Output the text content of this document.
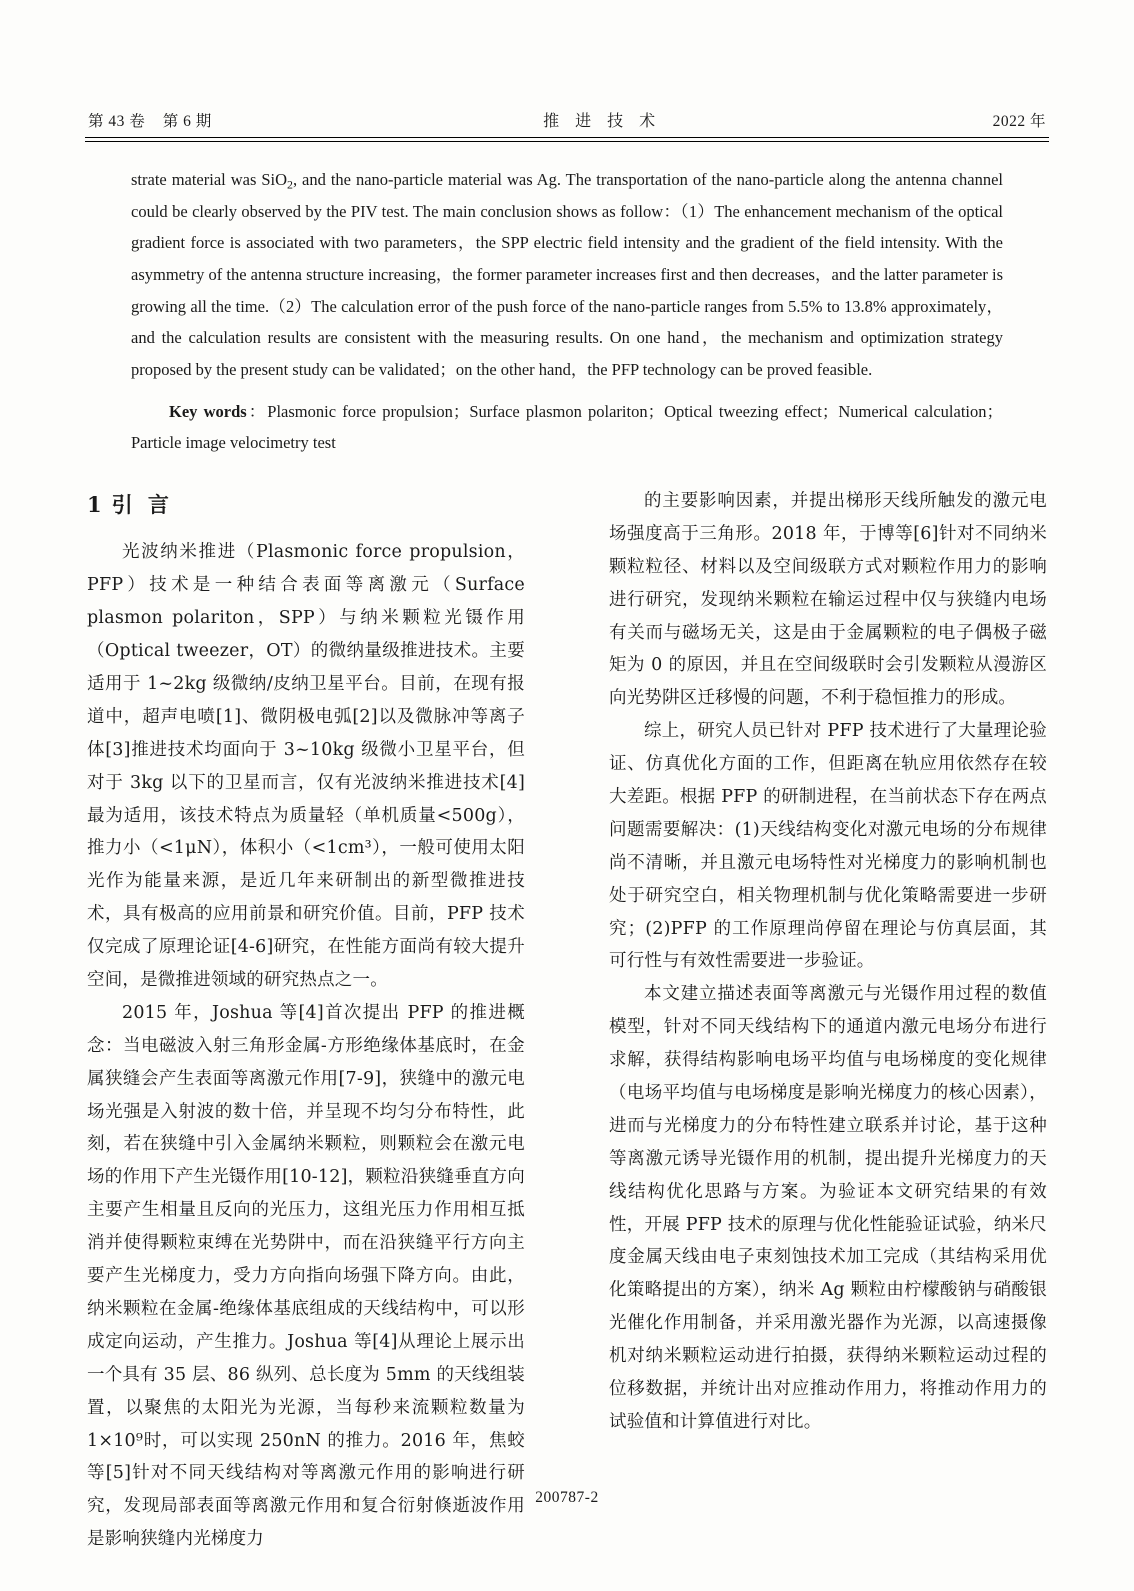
第 43 卷    第 6 期	推 进 技 术	2022 年

strate material was SiO$_2$, and the nano-particle material was Ag. The transportation of the nano-particle along the antenna channel could be clearly observed by the PIV test. The main conclusion shows as follow：（1）The enhancement mechanism of the optical gradient force is associated with two parameters，the SPP electric field intensity and the gradient of the field intensity. With the asymmetry of the antenna structure increasing，the former parameter increases first and then decreases，and the latter parameter is growing all the time.（2）The calculation error of the push force of the nano-particle ranges from 5.5% to 13.8% approximately，and the calculation results are consistent with the measuring results. On one hand，the mechanism and optimization strategy proposed by the present study can be validated；on the other hand，the PFP technology can be proved feasible.

Key words：Plasmonic force propulsion；Surface plasmon polariton；Optical tweezing effect；Numerical calculation；Particle image velocimetry test

1 引 言

光波纳米推进（Plasmonic force propulsion，PFP）技术是一种结合表面等离激元（Surface plasmon polariton，SPP）与纳米颗粒光镊作用（Optical tweezer，OT）的微纳量级推进技术。主要适用于 1~2kg 级微纳/皮纳卫星平台。目前，在现有报道中，超声电喷[1]、微阴极电弧[2]以及微脉冲等离子体[3]推进技术均面向于 3~10kg 级微小卫星平台，但对于 3kg 以下的卫星而言，仅有光波纳米推进技术[4]最为适用，该技术特点为质量轻（单机质量<500g），推力小（<1μN），体积小（<1cm³），一般可使用太阳光作为能量来源，是近几年来研制出的新型微推进技术，具有极高的应用前景和研究价值。目前，PFP 技术仅完成了原理论证[4-6]研究，在性能方面尚有较大提升空间，是微推进领域的研究热点之一。

2015 年，Joshua 等[4]首次提出 PFP 的推进概念：当电磁波入射三角形金属-方形绝缘体基底时，在金属狭缝会产生表面等离激元作用[7-9]，狭缝中的激元电场光强是入射波的数十倍，并呈现不均匀分布特性，此刻，若在狭缝中引入金属纳米颗粒，则颗粒会在激元电场的作用下产生光镊作用[10-12]，颗粒沿狭缝垂直方向主要产生相量且反向的光压力，这组光压力作用相互抵消并使得颗粒束缚在光势阱中，而在沿狭缝平行方向主要产生光梯度力，受力方向指向场强下降方向。由此，纳米颗粒在金属-绝缘体基底组成的天线结构中，可以形成定向运动，产生推力。Joshua 等[4]从理论上展示出一个具有 35 层、86 纵列、总长度为 5mm 的天线组装置，以聚焦的太阳光为光源，当每秒来流颗粒数量为 1×10⁹时，可以实现 250nN 的推力。2016 年，焦蛟等[5]针对不同天线结构对等离激元作用的影响进行研究，发现局部表面等离激元作用和复合衍射倏逝波作用是影响狭缝内光梯度力

的主要影响因素，并提出梯形天线所触发的激元电场强度高于三角形。2018 年，于博等[6]针对不同纳米颗粒粒径、材料以及空间级联方式对颗粒作用力的影响进行研究，发现纳米颗粒在输运过程中仅与狭缝内电场有关而与磁场无关，这是由于金属颗粒的电子偶极子磁矩为 0 的原因，并且在空间级联时会引发颗粒从漫游区向光势阱区迁移慢的问题，不利于稳恒推力的形成。

综上，研究人员已针对 PFP 技术进行了大量理论验证、仿真优化方面的工作，但距离在轨应用依然存在较大差距。根据 PFP 的研制进程，在当前状态下存在两点问题需要解决：(1)天线结构变化对激元电场的分布规律尚不清晰，并且激元电场特性对光梯度力的影响机制也处于研究空白，相关物理机制与优化策略需要进一步研究；(2)PFP 的工作原理尚停留在理论与仿真层面，其可行性与有效性需要进一步验证。

本文建立描述表面等离激元与光镊作用过程的数值模型，针对不同天线结构下的通道内激元电场分布进行求解，获得结构影响电场平均值与电场梯度的变化规律（电场平均值与电场梯度是影响光梯度力的核心因素），进而与光梯度力的分布特性建立联系并讨论，基于这种等离激元诱导光镊作用的机制，提出提升光梯度力的天线结构优化思路与方案。为验证本文研究结果的有效性，开展 PFP 技术的原理与优化性能验证试验，纳米尺度金属天线由电子束刻蚀技术加工完成（其结构采用优化策略提出的方案），纳米 Ag 颗粒由柠檬酸钠与硝酸银光催化作用制备，并采用激光器作为光源，以高速摄像机对纳米颗粒运动进行拍摄，获得纳米颗粒运动过程的位移数据，并统计出对应推动作用力，将推动作用力的试验值和计算值进行对比。

200787-2
